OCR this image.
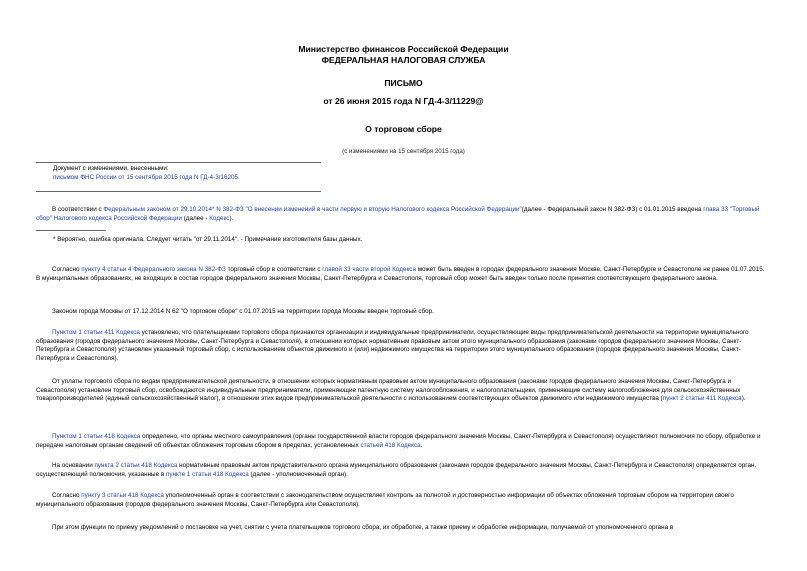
Министерство финансов Российской Федерации
ФЕДЕРАЛЬНАЯ НАЛОГОВАЯ СЛУЖБА
ПИСЬМО
от 26 июня 2015 года N ГД-4-3/11229@
О торговом сборе
(с изменениями на 15 сентября 2015 года)

Документ с изменениями, внесенными:

письмом ФНС России от 15 сентября 2015 года N ГД-4-3/16205.

В соответствии с Федеральным законом от 29.10.2014* N 382-ФЗ "О внесении изменений в части первую и вторую Налогового кодекса Российской Федерации"(далее - Федеральный закон N 382-ФЗ) с 01.01.2015 введена главa 33 "Торговый сбор" Налогового кодекса Российской Федерации (далее - Кодекс).
* Вероятно, ошибка оригинала. Следует читать "от 29.11.2014". - Примечание изготовителя базы данных.
Согласно пункту 4 статьи 4 Федерального закона N 382-ФЗ торговый сбор в соответствии с главой 33 части второй Кодекса может быть введен в городах федерального значения Москве, Санкт-Петербурге и Севастополе не ранее 01.07.2015. В муниципальных образованиях, не входящих в состав городов федерального значения Москвы, Санкт-Петербурга и Севастополя, торговый сбор может быть введен только после принятия соответствующего федерального закона.
Законом города Москвы от 17.12.2014 N 62 "О торговом сборе" с 01.07.2015 на территории города Москвы введен торговый сбор.
Пунктом 1 статьи 411 Кодекса установлено, что плательщиками торгового сбора признаются организации и индивидуальные предприниматели, осуществляющие виды предпринимательской деятельности на территории муниципального образования (городов федерального значения Москвы, Санкт-Петербурга и Севастополя), в отношении которых нормативным правовым актом этого муниципального образования (законами городов федерального значения Москвы, Санкт-Петербурга и Севастополя) установлен указанный торговый сбор, с использованием объектов движимого и (или) недвижимого имущества на территории этого муниципального образования (городов федерального значения Москвы, Санкт-Петербурга и Севастополя).
От уплаты торгового сбора по видам предпринимательской деятельности, в отношении которых нормативным правовым актом муниципального образования (законами городов федерального значения Москвы, Санкт-Петербурга и Севастополя) установлен торговый сбор, освобождаются индивидуальные предприниматели, применяющие патентную систему налогообложения, и налогоплательщики, применяющие систему налогообложения для сельскохозяйственных товаропроизводителей (единый сельскохозяйственный налог), в отношении этих видов предпринимательской деятельности с использованием соответствующих объектов движимого или недвижимого имущества (пункт 2 статьи 411 Кодекса).
Пунктом 1 статьи 418 Кодекса определено, что органы местного самоуправления (органы государственной власти городов федерального значения Москвы, Санкт-Петербурга и Севастополя) осуществляют полномочия по сбору, обработке и передаче налоговым органам сведений об объектах обложения торговым сбором в пределах, установленных статьей 418 Кодекса.
На основании пункта 2 статьи 418 Кодекса нормативным правовым актом представительного органа муниципального образования (законами городов федерального значения Москвы, Санкт-Петербурга и Севастополя) определяется орган, осуществляющий полномочия, указанные в пункте 1 статьи 418 Кодекса (далее - уполномоченный орган).
Согласно пункту 3 статьи 418 Кодекса уполномоченный орган в соответствии с законодательством осуществляет контроль за полнотой и достоверностью информации об объектах обложения торговым сбором на территории своего муниципального образования (городов федерального значения Москвы, Санкт-Петербурга или Севастополя).
При этом функции по приему уведомлений о постановке на учет, снятии с учета плательщиков торгового сбора, их обработке, а также приему и обработке информации, получаемой от уполномоченного органа в
